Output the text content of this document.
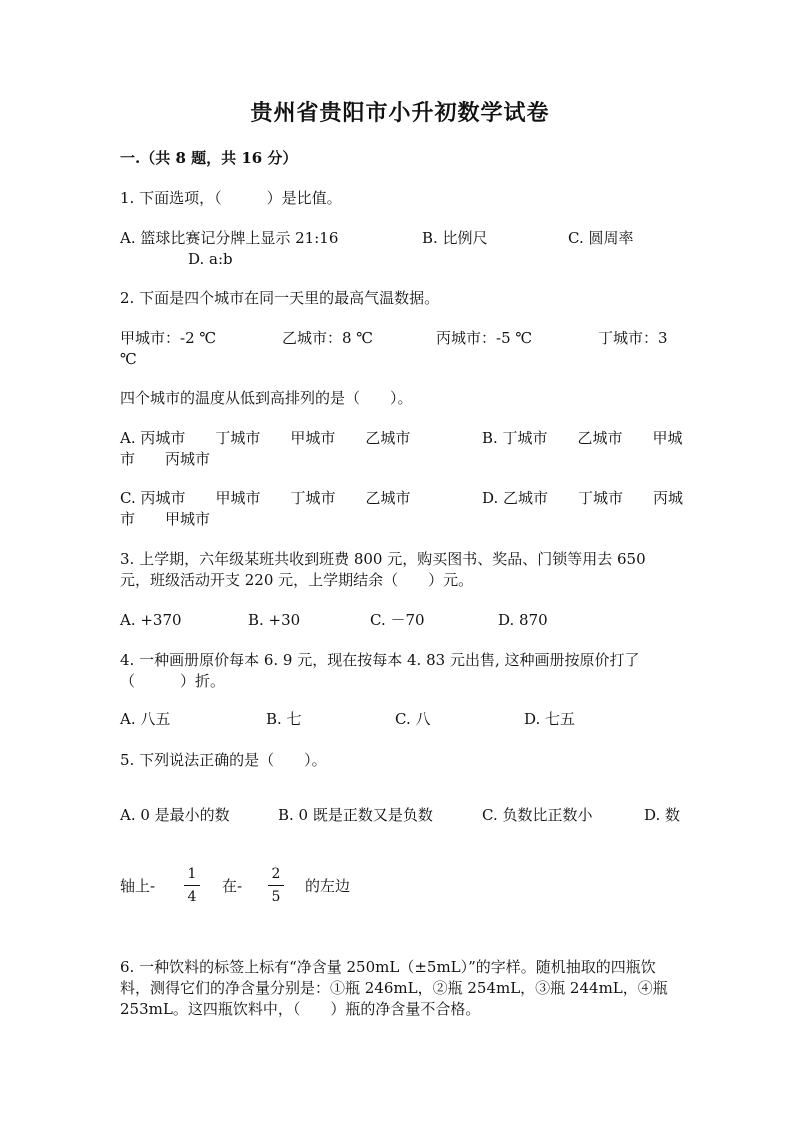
贵州省贵阳市小升初数学试卷
一.（共 8 题，共 16 分）
1. 下面选项，（　　　）是比值。
A. 篮球比赛记分牌上显示 21:16	B. 比例尺	C. 圆周率
D. a:b
2. 下面是四个城市在同一天里的最高气温数据。
甲城市：-2 ℃	乙城市：8 ℃	丙城市：-5 ℃	丁城市：3
℃
四个城市的温度从低到高排列的是（　　）。
A. 丙城市　　丁城市　　甲城市　　乙城市	B. 丁城市　　乙城市　　甲城
市　　丙城市
C. 丙城市　　甲城市　　丁城市　　乙城市	D. 乙城市　　丁城市　　丙城
市　　甲城市
3. 上学期，六年级某班共收到班费 800 元，购买图书、奖品、门锁等用去 650
元，班级活动开支 220 元，上学期结余（　　）元。
A. +370	B. +30	C. －70	D. 870
4. 一种画册原价每本 6. 9 元，现在按每本 4. 83 元出售, 这种画册按原价打了
（　　　）折。
A. 八五	B. 七	C. 八	D. 七五
5. 下列说法正确的是（　　）。
A. 0 是最小的数	B. 0 既是正数又是负数	C. 负数比正数小	D. 数
轴上-
1
4
在-
2
5
的左边
6. 一种饮料的标签上标有“净含量 250mL（±5mL）”的字样。随机抽取的四瓶饮
料，测得它们的净含量分别是：①瓶 246mL，②瓶 254mL，③瓶 244mL，④瓶
253mL。这四瓶饮料中，（　　）瓶的净含量不合格。
